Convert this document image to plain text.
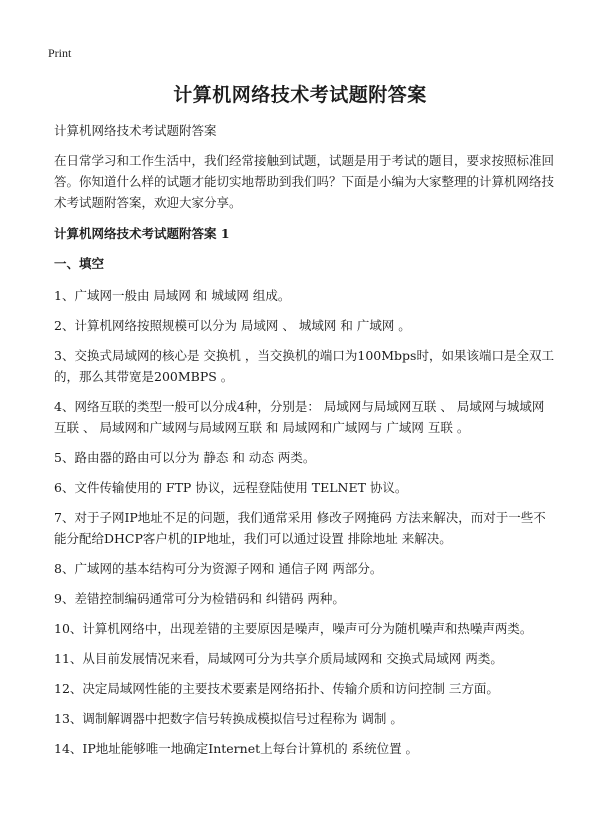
Print
计算机网络技术考试题附答案

计算机网络技术考试题附答案

在日常学习和工作生活中，我们经常接触到试题，试题是用于考试的题目，要求按照标准回答。你知道什么样的试题才能切实地帮助到我们吗？下面是小编为大家整理的计算机网络技术考试题附答案，欢迎大家分享。

计算机网络技术考试题附答案 1

一、填空

1、广域网一般由 局域网 和 城域网 组成。
2、计算机网络按照规模可以分为 局域网 、 城域网 和 广域网 。
3、交换式局域网的核心是 交换机 ，当交换机的端口为100Mbps时，如果该端口是全双工的，那么其带宽是200MBPS 。
4、网络互联的类型一般可以分成4种，分别是： 局域网与局域网互联 、 局域网与城域网互联 、 局域网和广域网与局域网互联 和 局域网和广域网与 广域网 互联 。
5、路由器的路由可以分为 静态 和 动态 两类。
6、文件传输使用的 FTP 协议，远程登陆使用 TELNET 协议。
7、对于子网IP地址不足的问题，我们通常采用 修改子网掩码 方法来解决，而对于一些不能分配给DHCP客户机的IP地址，我们可以通过设置 排除地址 来解决。
8、广域网的基本结构可分为资源子网和 通信子网 两部分。
9、差错控制编码通常可分为检错码和 纠错码 两种。
10、计算机网络中，出现差错的主要原因是噪声，噪声可分为随机噪声和热噪声两类。
11、从目前发展情况来看，局域网可分为共享介质局域网和 交换式局域网 两类。
12、决定局域网性能的主要技术要素是网络拓扑、传输介质和访问控制 三方面。
13、调制解调器中把数字信号转换成模拟信号过程称为 调制 。
14、IP地址能够唯一地确定Internet上每台计算机的 系统位置 。
